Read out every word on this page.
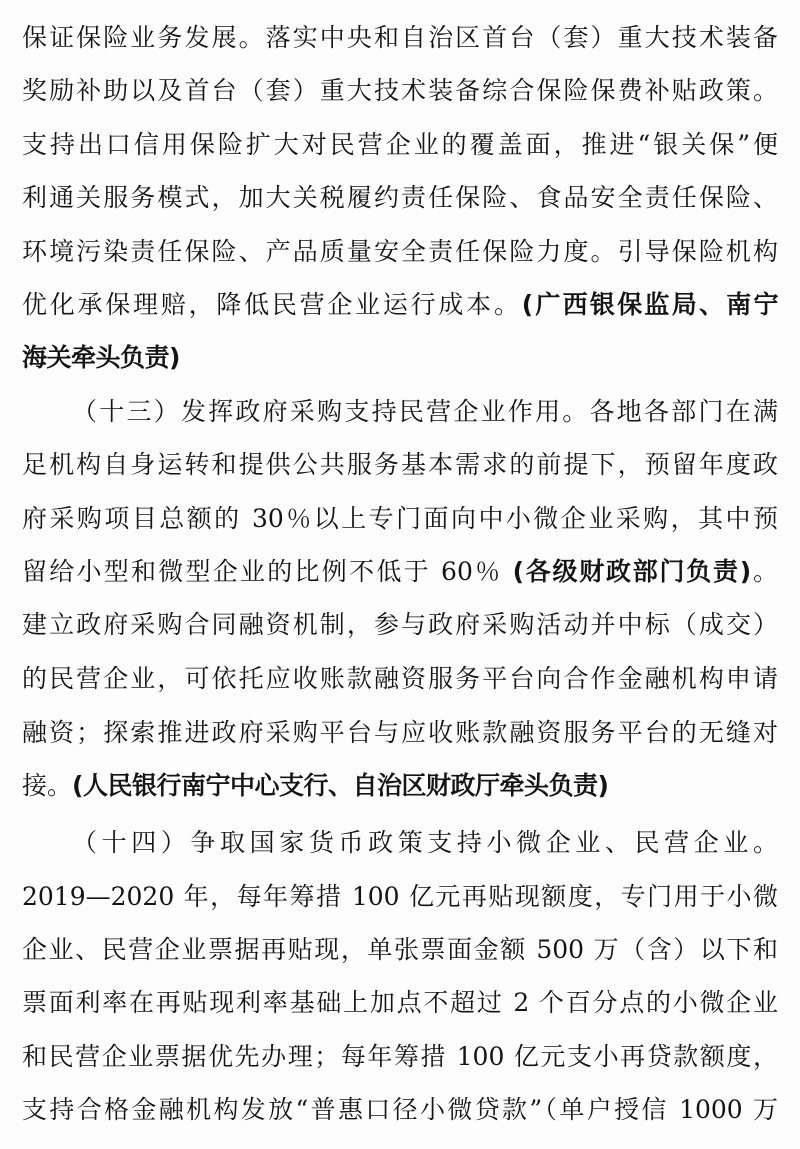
保证保险业务发展。落实中央和自治区首台（套）重大技术装备
奖励补助以及首台（套）重大技术装备综合保险保费补贴政策。
支持出口信用保险扩大对民营企业的覆盖面，推进“银关保”便
利通关服务模式，加大关税履约责任保险、食品安全责任保险、
环境污染责任保险、产品质量安全责任保险力度。引导保险机构
优化承保理赔，降低民营企业运行成本。(广西银保监局、南宁
海关牵头负责)
（十三）发挥政府采购支持民营企业作用。各地各部门在满
足机构自身运转和提供公共服务基本需求的前提下，预留年度政
府采购项目总额的 30％以上专门面向中小微企业采购，其中预
留给小型和微型企业的比例不低于 60％ (各级财政部门负责)。
建立政府采购合同融资机制，参与政府采购活动并中标（成交）
的民营企业，可依托应收账款融资服务平台向合作金融机构申请
融资；探索推进政府采购平台与应收账款融资服务平台的无缝对
接。(人民银行南宁中心支行、自治区财政厅牵头负责)
（十四）争取国家货币政策支持小微企业、民营企业。
2019—2020 年，每年筹措 100 亿元再贴现额度，专门用于小微
企业、民营企业票据再贴现，单张票面金额 500 万（含）以下和
票面利率在再贴现利率基础上加点不超过 2 个百分点的小微企业
和民营企业票据优先办理；每年筹措 100 亿元支小再贷款额度，
支持合格金融机构发放“普惠口径小微贷款”（单户授信 1000 万
